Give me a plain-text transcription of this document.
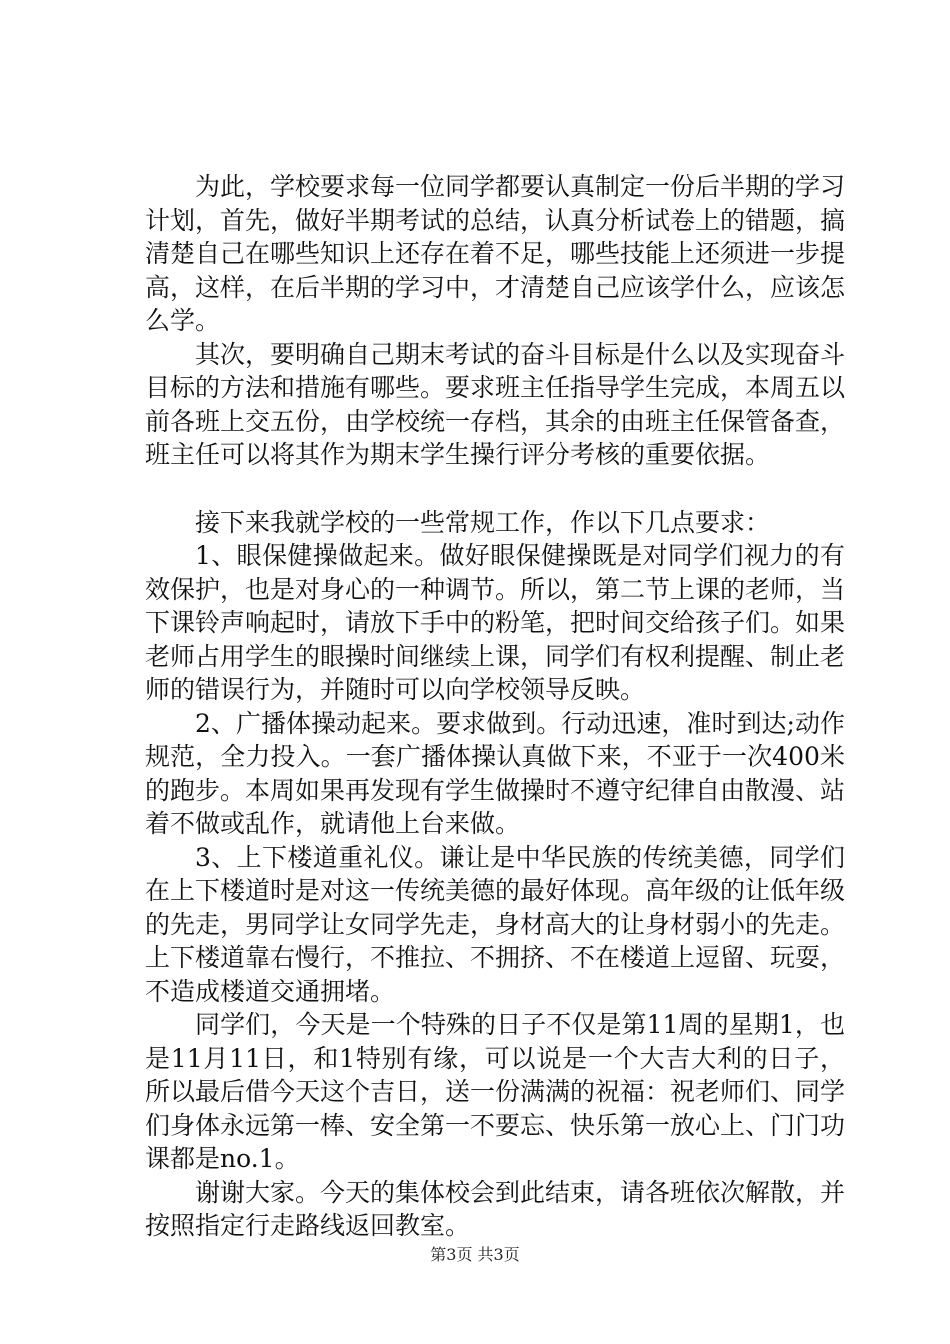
为此，学校要求每一位同学都要认真制定一份后半期的学习计划，首先，做好半期考试的总结，认真分析试卷上的错题，搞清楚自己在哪些知识上还存在着不足，哪些技能上还须进一步提高，这样，在后半期的学习中，才清楚自己应该学什么，应该怎么学。

其次，要明确自己期末考试的奋斗目标是什么以及实现奋斗目标的方法和措施有哪些。要求班主任指导学生完成，本周五以前各班上交五份，由学校统一存档，其余的由班主任保管备查，班主任可以将其作为期末学生操行评分考核的重要依据。

接下来我就学校的一些常规工作，作以下几点要求：

1、眼保健操做起来。做好眼保健操既是对同学们视力的有效保护，也是对身心的一种调节。所以，第二节上课的老师，当下课铃声响起时，请放下手中的粉笔，把时间交给孩子们。如果老师占用学生的眼操时间继续上课，同学们有权利提醒、制止老师的错误行为，并随时可以向学校领导反映。

2、广播体操动起来。要求做到。行动迅速，准时到达;动作规范，全力投入。一套广播体操认真做下来，不亚于一次400米的跑步。本周如果再发现有学生做操时不遵守纪律自由散漫、站着不做或乱作，就请他上台来做。

3、上下楼道重礼仪。谦让是中华民族的传统美德，同学们在上下楼道时是对这一传统美德的最好体现。高年级的让低年级的先走，男同学让女同学先走，身材高大的让身材弱小的先走。上下楼道靠右慢行，不推拉、不拥挤、不在楼道上逗留、玩耍，不造成楼道交通拥堵。

同学们，今天是一个特殊的日子不仅是第11周的星期1，也是11月11日，和1特别有缘，可以说是一个大吉大利的日子，所以最后借今天这个吉日，送一份满满的祝福：祝老师们、同学们身体永远第一棒、安全第一不要忘、快乐第一放心上、门门功课都是no.1。

谢谢大家。今天的集体校会到此结束，请各班依次解散，并按照指定行走路线返回教室。

第3页 共3页
